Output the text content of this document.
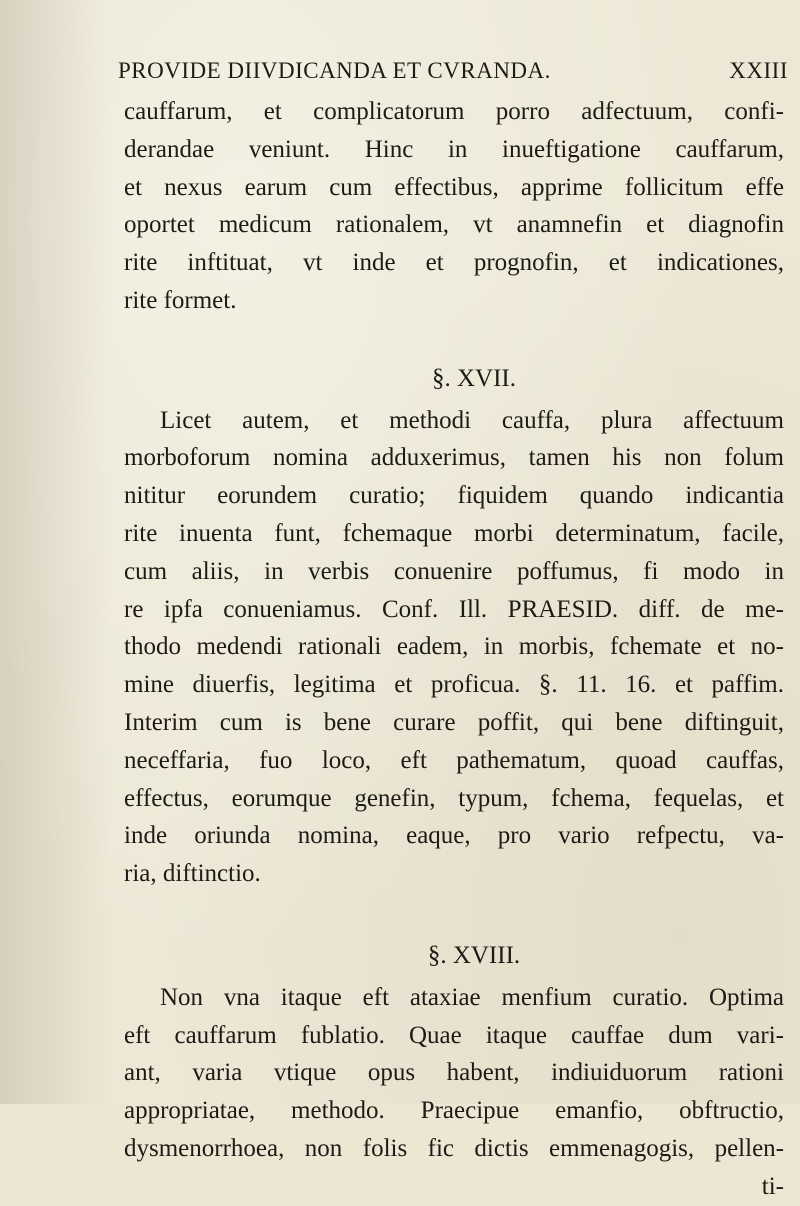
PROVIDE DIIVDICANDA ET CVRANDA.	XXIII
cauffarum, et complicatorum porro adfectuum, confi-
derandae veniunt. Hinc in inueftigatione cauffarum,
et nexus earum cum effectibus, apprime follicitum effe
oportet medicum rationalem, vt anamnefin et diagnofin
rite inftituat, vt inde et prognofin, et indicationes,
rite formet.
§. XVII.
Licet autem, et methodi cauffa, plura affectuum
morboforum nomina adduxerimus, tamen his non folum
nititur eorundem curatio; fiquidem quando indicantia
rite inuenta funt, fchemaque morbi determinatum, facile,
cum aliis, in verbis conuenire poffumus, fi modo in
re ipfa conueniamus. Conf. Ill. PRAESID. diff. de me-
thodo medendi rationali eadem, in morbis, fchemate et no-
mine diuerfis, legitima et proficua. §. 11. 16. et paffim.
Interim cum is bene curare poffit, qui bene diftinguit,
neceffaria, fuo loco, eft pathematum, quoad cauffas,
effectus, eorumque genefin, typum, fchema, fequelas, et
inde oriunda nomina, eaque, pro vario refpectu, va-
ria, diftinctio.
§. XVIII.
Non vna itaque eft ataxiae menfium curatio. Optima
eft cauffarum fublatio. Quae itaque cauffae dum vari-
ant, varia vtique opus habent, indiuiduorum rationi
appropriatae, methodo. Praecipue emanfio, obftructio,
dysmenorrhoea, non folis fic dictis emmenagogis, pellen-
ti-
